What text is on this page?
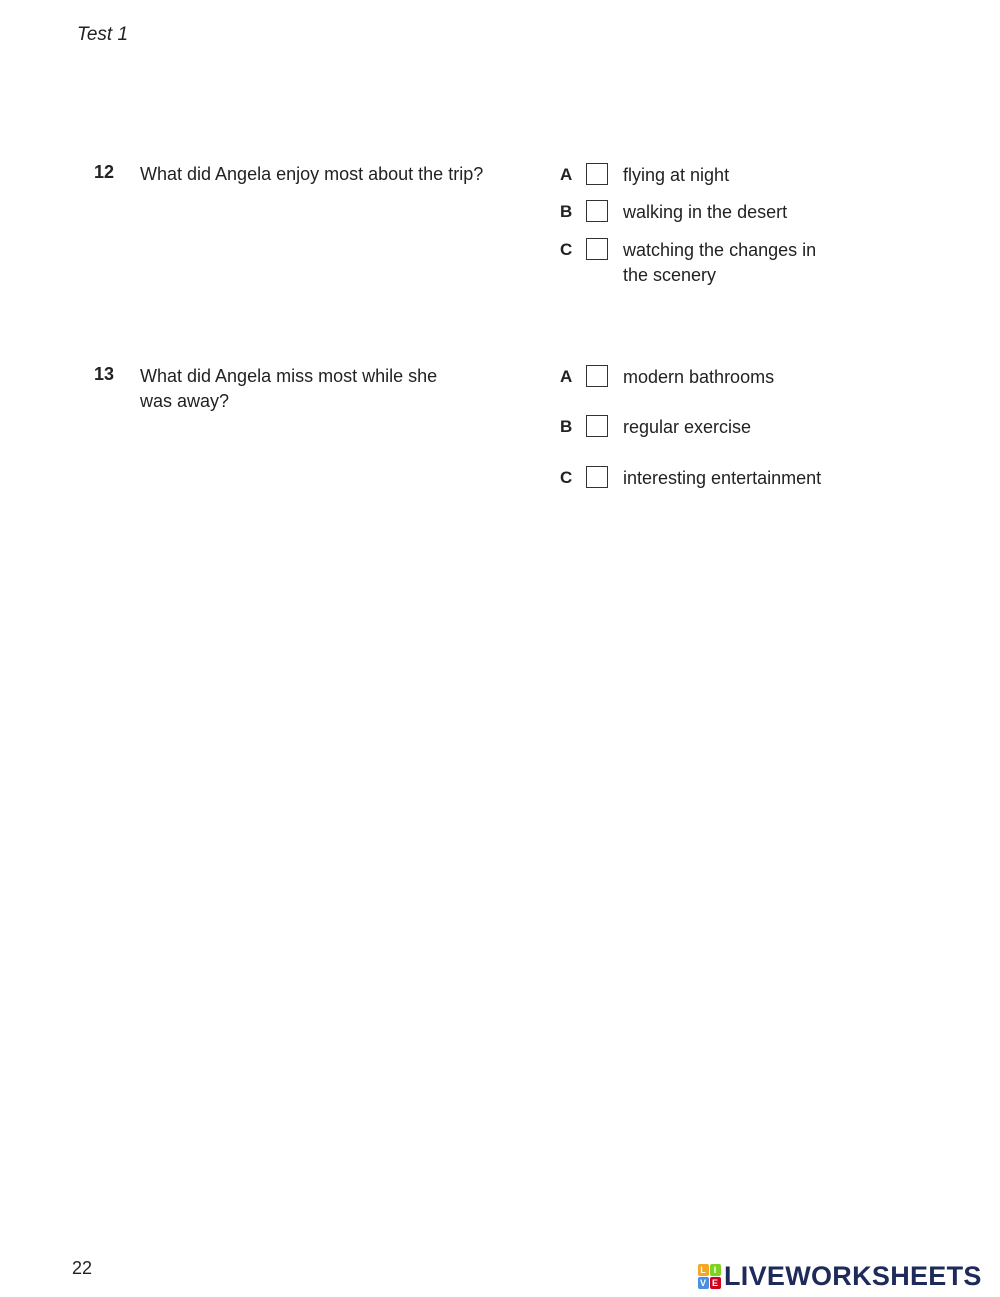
Test 1
12 What did Angela enjoy most about the trip?	A	flying at night
B	walking in the desert
C	watching the changes in the scenery
13 What did Angela miss most while she was away?
A	modern bathrooms
B	regular exercise
C	interesting entertainment
22	L I
V E LIVEWORKSHEETS
